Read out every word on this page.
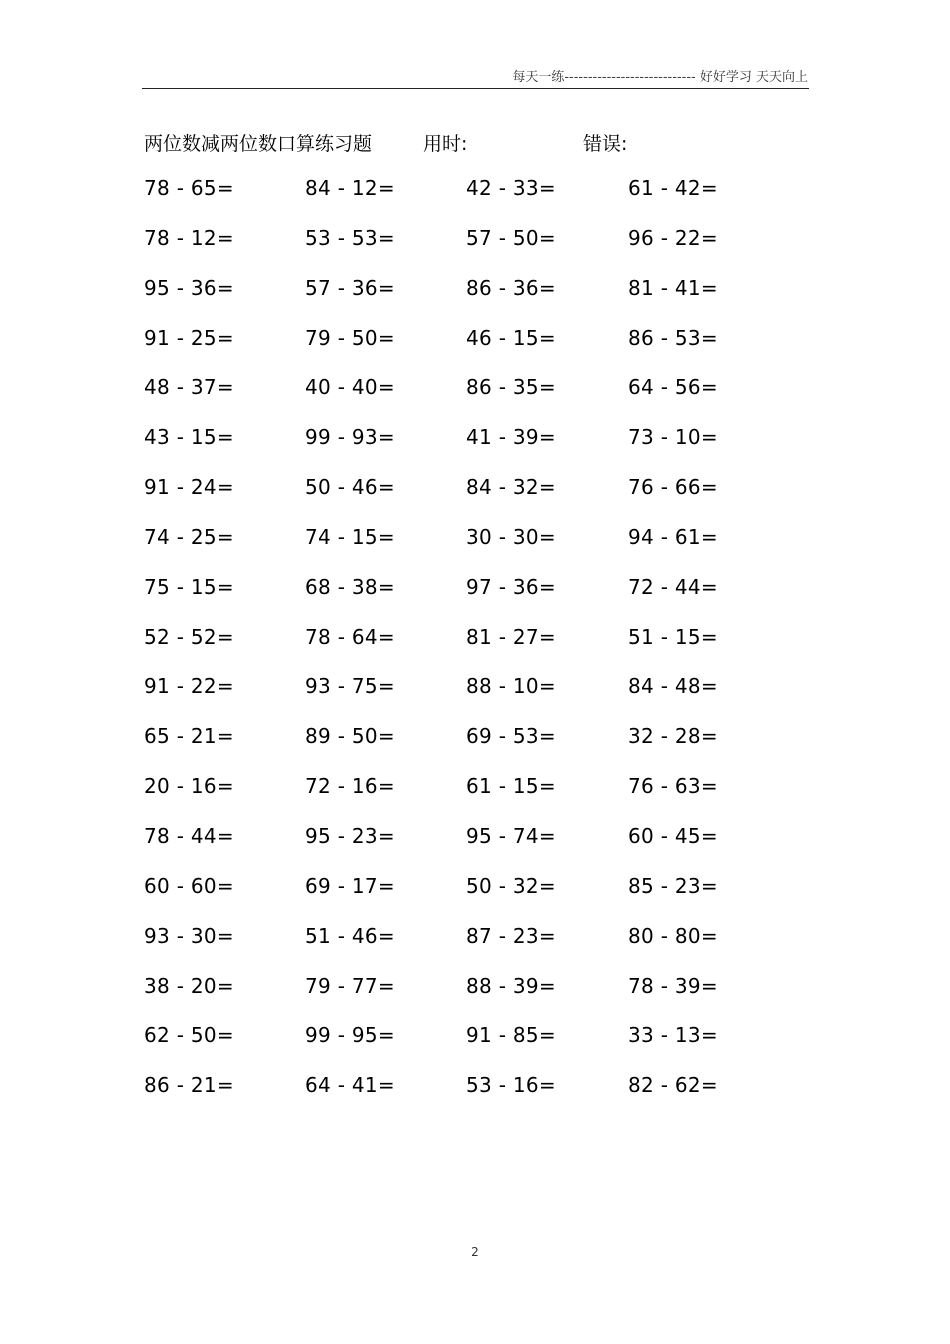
每天一练---------------------------- 好好学习 天天向上
两位数减两位数口算练习题	用时:	错误:
78 - 65=	84 - 12=	42 - 33=	61 - 42=
78 - 12=	53 - 53=	57 - 50=	96 - 22=
95 - 36=	57 - 36=	86 - 36=	81 - 41=
91 - 25=	79 - 50=	46 - 15=	86 - 53=
48 - 37=	40 - 40=	86 - 35=	64 - 56=
43 - 15=	99 - 93=	41 - 39=	73 - 10=
91 - 24=	50 - 46=	84 - 32=	76 - 66=
74 - 25=	74 - 15=	30 - 30=	94 - 61=
75 - 15=	68 - 38=	97 - 36=	72 - 44=
52 - 52=	78 - 64=	81 - 27=	51 - 15=
91 - 22=	93 - 75=	88 - 10=	84 - 48=
65 - 21=	89 - 50=	69 - 53=	32 - 28=
20 - 16=	72 - 16=	61 - 15=	76 - 63=
78 - 44=	95 - 23=	95 - 74=	60 - 45=
60 - 60=	69 - 17=	50 - 32=	85 - 23=
93 - 30=	51 - 46=	87 - 23=	80 - 80=
38 - 20=	79 - 77=	88 - 39=	78 - 39=
62 - 50=	99 - 95=	91 - 85=	33 - 13=
86 - 21=	64 - 41=	53 - 16=	82 - 62=
2
